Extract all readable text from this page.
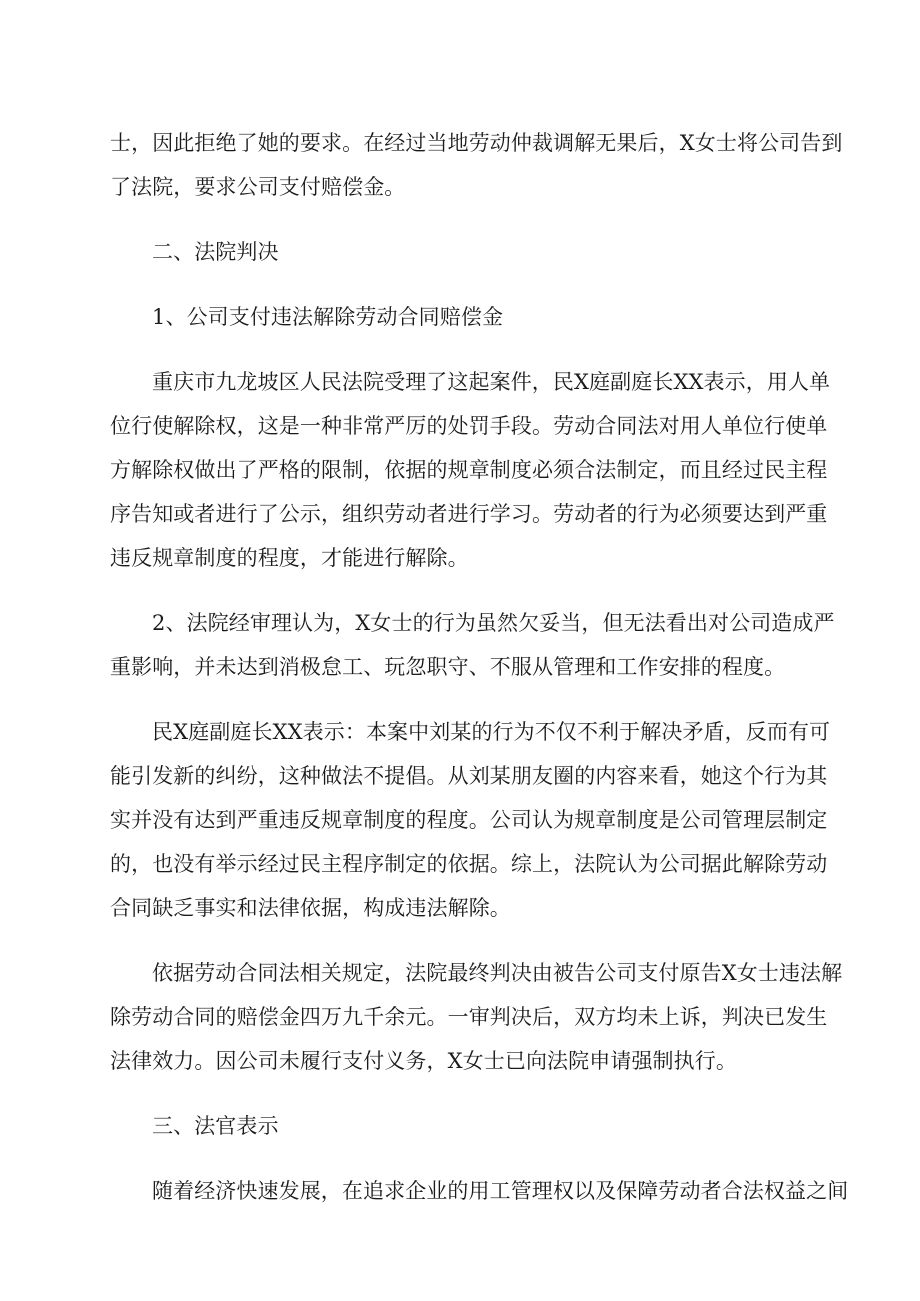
士，因此拒绝了她的要求。在经过当地劳动仲裁调解无果后，X女士将公司告到
了法院，要求公司支付赔偿金。
二、法院判决
1、公司支付违法解除劳动合同赔偿金
重庆市九龙坡区人民法院受理了这起案件，民X庭副庭长XX表示，用人单
位行使解除权，这是一种非常严厉的处罚手段。劳动合同法对用人单位行使单
方解除权做出了严格的限制，依据的规章制度必须合法制定，而且经过民主程
序告知或者进行了公示，组织劳动者进行学习。劳动者的行为必须要达到严重
违反规章制度的程度，才能进行解除。
2、法院经审理认为，X女士的行为虽然欠妥当，但无法看出对公司造成严
重影响，并未达到消极怠工、玩忽职守、不服从管理和工作安排的程度。
民X庭副庭长XX表示：本案中刘某的行为不仅不利于解决矛盾，反而有可
能引发新的纠纷，这种做法不提倡。从刘某朋友圈的内容来看，她这个行为其
实并没有达到严重违反规章制度的程度。公司认为规章制度是公司管理层制定
的，也没有举示经过民主程序制定的依据。综上，法院认为公司据此解除劳动
合同缺乏事实和法律依据，构成违法解除。
依据劳动合同法相关规定，法院最终判决由被告公司支付原告X女士违法解
除劳动合同的赔偿金四万九千余元。一审判决后，双方均未上诉，判决已发生
法律效力。因公司未履行支付义务，X女士已向法院申请强制执行。
三、法官表示
随着经济快速发展，在追求企业的用工管理权以及保障劳动者合法权益之间
